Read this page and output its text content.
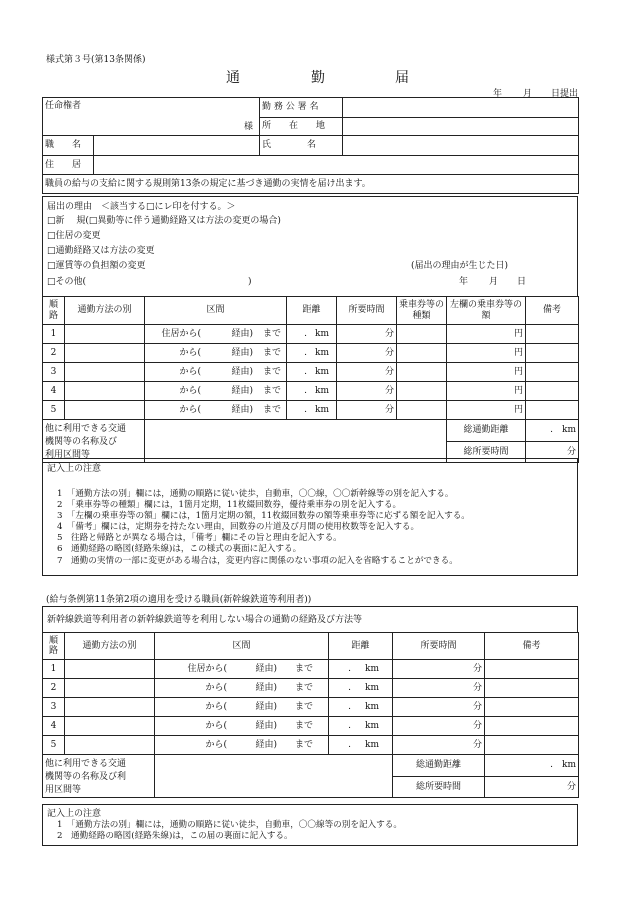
様式第３号(第13条関係)
通	勤	届
年 月 日提出
任命権者
様		勤 務 公 署 名	
		所　　在　　地	
職　　名		氏　　　　名	
住　　居			
職員の給与の支給に関する規則第13条の規定に基づき通勤の実情を届け出ます。			
届出の理由　＜該当する□にレ印を付する。＞
□新　 規(□異動等に伴う通勤経路又は方法の変更の場合)
□住居の変更
□通勤経路又は方法の変更
□運賃等の負担額の変更
□その他(	)
(届出の理由が生じた日)
年 月 日
順路	通勤方法の別	区間	距離	所要時間	乗車券等の種類	左欄の乗車券等の額	備考
1		住居から( 経由) まで	. km	分		円	
2		から( 経由) まで	. km	分		円	
3		から( 経由) まで	. km	分		円	
4		から( 経由) まで	. km	分		円	
5		から( 経由) まで	. km	分		円	

他に利用できる交通
機関等の名称及び
利用区間等						総通勤距離	.　km
						総所要時間	分
記入上の注意
1　「通勤方法の別」欄には，通勤の順路に従い徒歩，自動車，〇〇線，〇〇新幹線等の別を記入する。
2　「乗車券等の種類」欄には，1箇月定期，11枚綴回数券，優待乗車券の別を記入する。
3　「左欄の乗車券等の額」欄には，1箇月定期の額，11枚綴回数券の額等乗車券等に応ずる額を記入する。
4　「備考」欄には，定期券を持たない理由，回数券の片道及び月間の使用枚数等を記入する。
5　往路と帰路とが異なる場合は，「備考」欄にその旨と理由を記入する。
6　通勤経路の略図(経路朱線)は，この様式の裏面に記入する。
7　通勤の実情の一部に変更がある場合は，変更内容に関係のない事項の記入を省略することができる。
(給与条例第11条第2項の適用を受ける職員(新幹線鉄道等利用者))
新幹線鉄道等利用者の新幹線鉄道等を利用しない場合の通勤の経路及び方法等
順路	通勤方法の別	区間	距離	所要時間	備考
1		住居から( 経由) まで	. km	分	
2		から( 経由) まで	. km	分	
3		から( 経由) まで	. km	分	
4		から( 経由) まで	. km	分	
5		から( 経由) まで	. km	分	

他に利用できる交通
機関等の名称及び利
用区間等				総通勤距離	.　km
				総所要時間	分
記入上の注意
1　「通勤方法の別」欄には，通勤の順路に従い徒歩，自動車，〇〇線等の別を記入する。
2　通勤経路の略図(経路朱線)は，この届の裏面に記入する。
